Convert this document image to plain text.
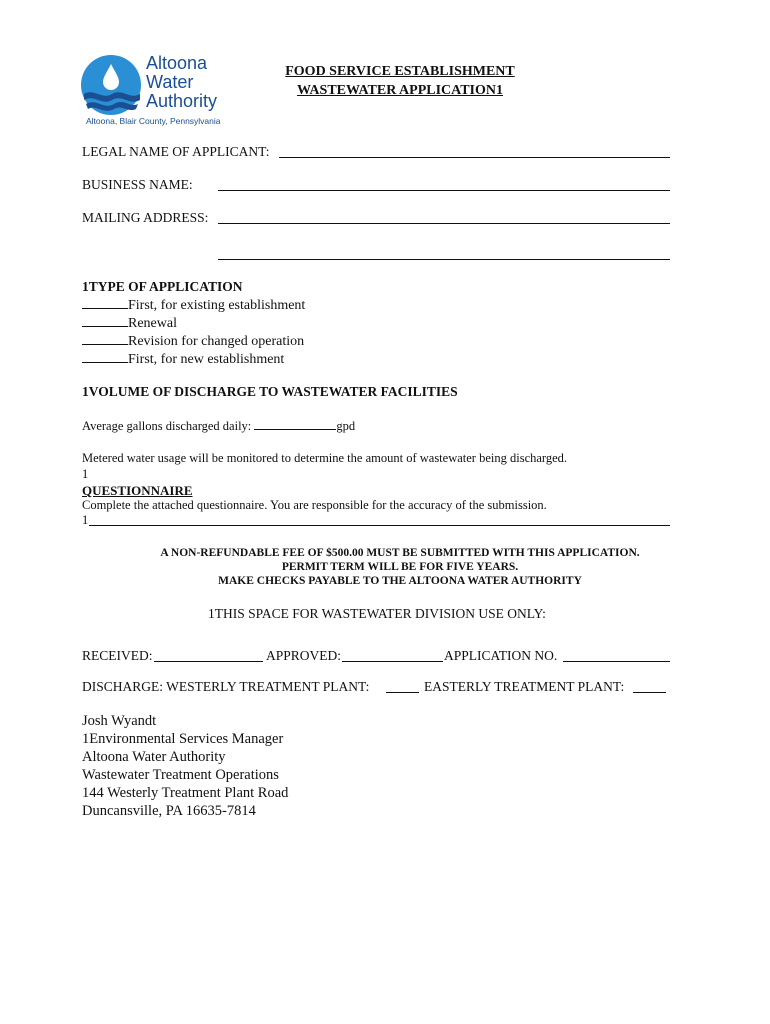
Altoona
Water
Authority
Altoona, Blair County, Pennsylvania
FOOD SERVICE ESTABLISHMENT
WASTEWATER APPLICATION1
LEGAL NAME OF APPLICANT:
BUSINESS NAME:
MAILING ADDRESS:
1TYPE OF APPLICATION
First, for existing establishment
Renewal
Revision for changed operation
First, for new establishment
1VOLUME OF DISCHARGE TO WASTEWATER FACILITIES
Average gallons discharged daily:	gpd
Metered water usage will be monitored to determine the amount of wastewater being discharged.
1
QUESTIONNAIRE
Complete the attached questionnaire. You are responsible for the accuracy of the submission.
1
A NON-REFUNDABLE FEE OF $500.00 MUST BE SUBMITTED WITH THIS APPLICATION.
PERMIT TERM WILL BE FOR FIVE YEARS.
MAKE CHECKS PAYABLE TO THE ALTOONA WATER AUTHORITY
1THIS SPACE FOR WASTEWATER DIVISION USE ONLY:
RECEIVED:	APPROVED:	APPLICATION NO.
DISCHARGE: WESTERLY TREATMENT PLANT:	EASTERLY TREATMENT PLANT:
Josh Wyandt
1Environmental Services Manager
Altoona Water Authority
Wastewater Treatment Operations
144 Westerly Treatment Plant Road
Duncansville, PA 16635-7814
